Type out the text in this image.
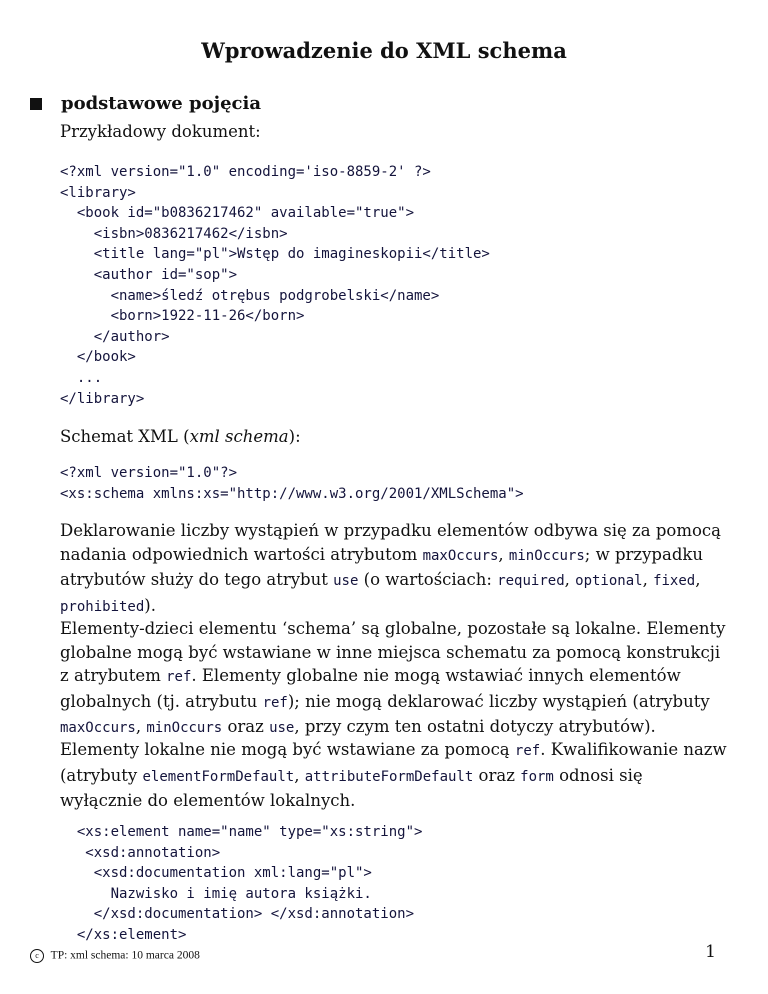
Wprowadzenie do XML schema
podstawowe pojęcia

Przykładowy dokument:

<?xml version="1.0" encoding='iso-8859-2' ?>
<library>
<book id="b0836217462" available="true">
<isbn>0836217462</isbn>
<title lang="pl">Wstęp do imagineskopii</title>
<author id="sop">
<name>śledź otrębus podgrobelski</name>
<born>1922-11-26</born>
</author>
</book>
...
</library>

Schemat XML (xml schema):

<?xml version="1.0"?>
<xs:schema xmlns:xs="http://www.w3.org/2001/XMLSchema">

Deklarowanie liczby wystąpień w przypadku elementów odbywa się za pomocą nadania odpowiednich wartości atrybutom maxOccurs, minOccurs; w przypadku atrybutów służy do tego atrybut use (o wartościach: required, optional, fixed, prohibited).

Elementy-dzieci elementu ‘schema’ są globalne, pozostałe są lokalne. Elementy globalne mogą być wstawiane w inne miejsca schematu za pomocą konstrukcji z atrybutem ref. Elementy globalne nie mogą wstawiać innych elementów globalnych (tj. atrybutu ref); nie mogą deklarować liczby wystąpień (atrybuty maxOccurs, minOccurs oraz use, przy czym ten ostatni dotyczy atrybutów).

Elementy lokalne nie mogą być wstawiane za pomocą ref. Kwalifikowanie nazw (atrybuty elementFormDefault, attributeFormDefault oraz form odnosi się wyłącznie do elementów lokalnych.

<xs:element name="name" type="xs:string">
<xsd:annotation>
<xsd:documentation xml:lang="pl">
Nazwisko i imię autora książki.
</xsd:documentation> </xsd:annotation>
</xs:element>
c TP: xml schema: 10 marca 2008	1
